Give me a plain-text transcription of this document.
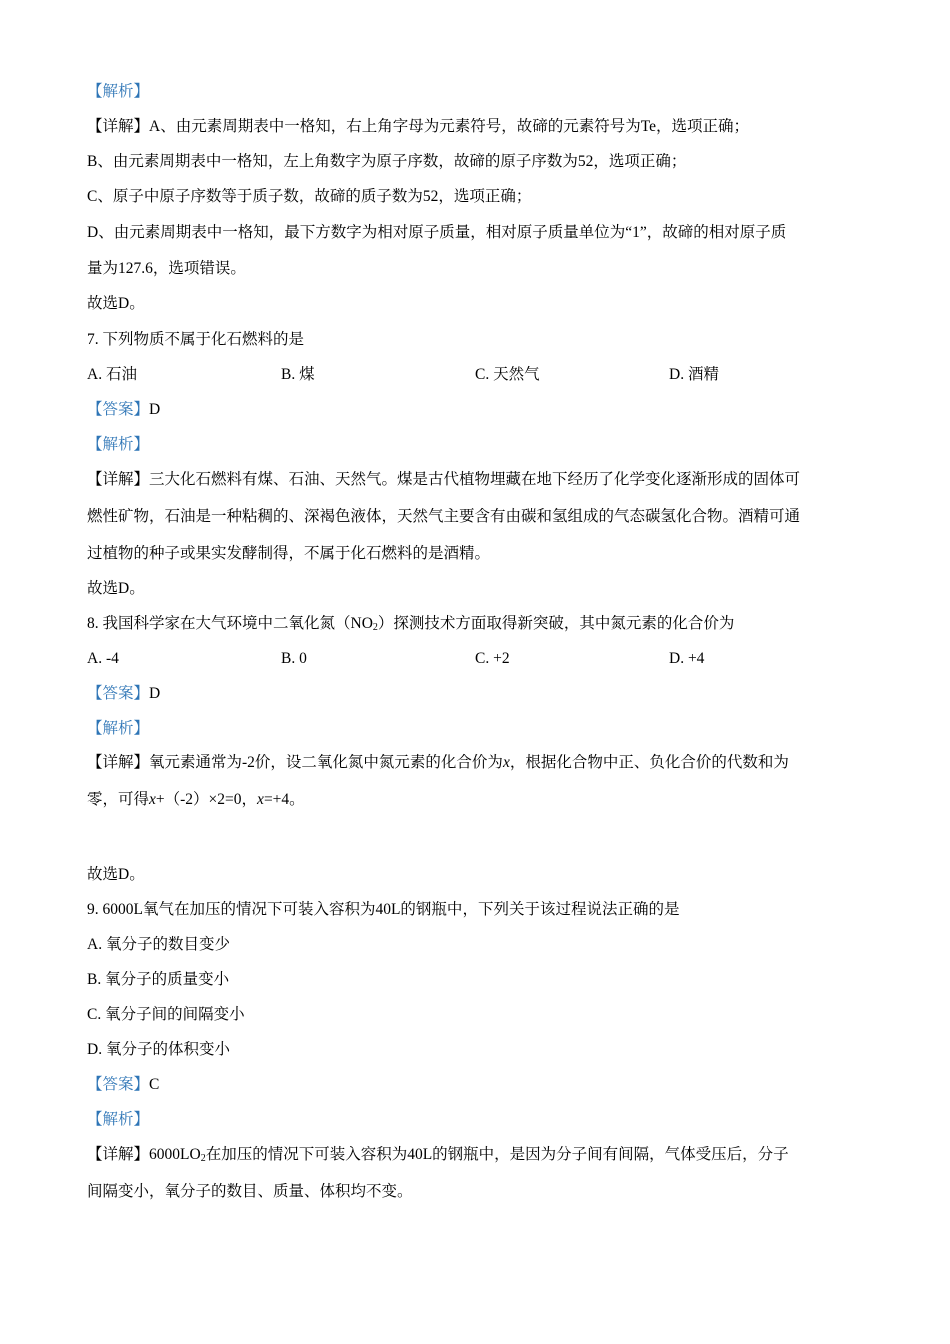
【解析】
【详解】A、由元素周期表中一格知，右上角字母为元素符号，故碲的元素符号为Te，选项正确；
B、由元素周期表中一格知，左上角数字为原子序数，故碲的原子序数为52，选项正确；
C、原子中原子序数等于质子数，故碲的质子数为52，选项正确；
D、由元素周期表中一格知，最下方数字为相对原子质量，相对原子质量单位为“1”，故碲的相对原子质
量为127.6，选项错误。
故选D。
7. 下列物质不属于化石燃料的是
A. 石油	B. 煤	C. 天然气	D. 酒精
【答案】D
【解析】
【详解】三大化石燃料有煤、石油、天然气。煤是古代植物埋藏在地下经历了化学变化逐渐形成的固体可
燃性矿物，石油是一种粘稠的、深褐色液体，天然气主要含有由碳和氢组成的气态碳氢化合物。酒精可通
过植物的种子或果实发酵制得，不属于化石燃料的是酒精。
故选D。
8. 我国科学家在大气环境中二氧化氮$(NO_2)$探测技术方面取得新突破，其中氮元素的化合价为
A. -4	B. 0	C. +2	D. +4
【答案】D
【解析】
【详解】氧元素通常为-2价，设二氧化氮中氮元素的化合价为x，根据化合物中正、负化合价的代数和为
零，可得x+（-2）×2=0，x=+4。
故选D。
9. 6000L氧气在加压的情况下可装入容积为40L的钢瓶中，下列关于该过程说法正确的是
A. 氧分子的数目变少
B. 氧分子的质量变小
C. 氧分子间的间隔变小
D. 氧分子的体积变小
【答案】C
【解析】
【详解】$6000LO_2$在加压的情况下可装入容积为40L的钢瓶中，是因为分子间有间隔，气体受压后，分子
间隔变小，氧分子的数目、质量、体积均不变。
